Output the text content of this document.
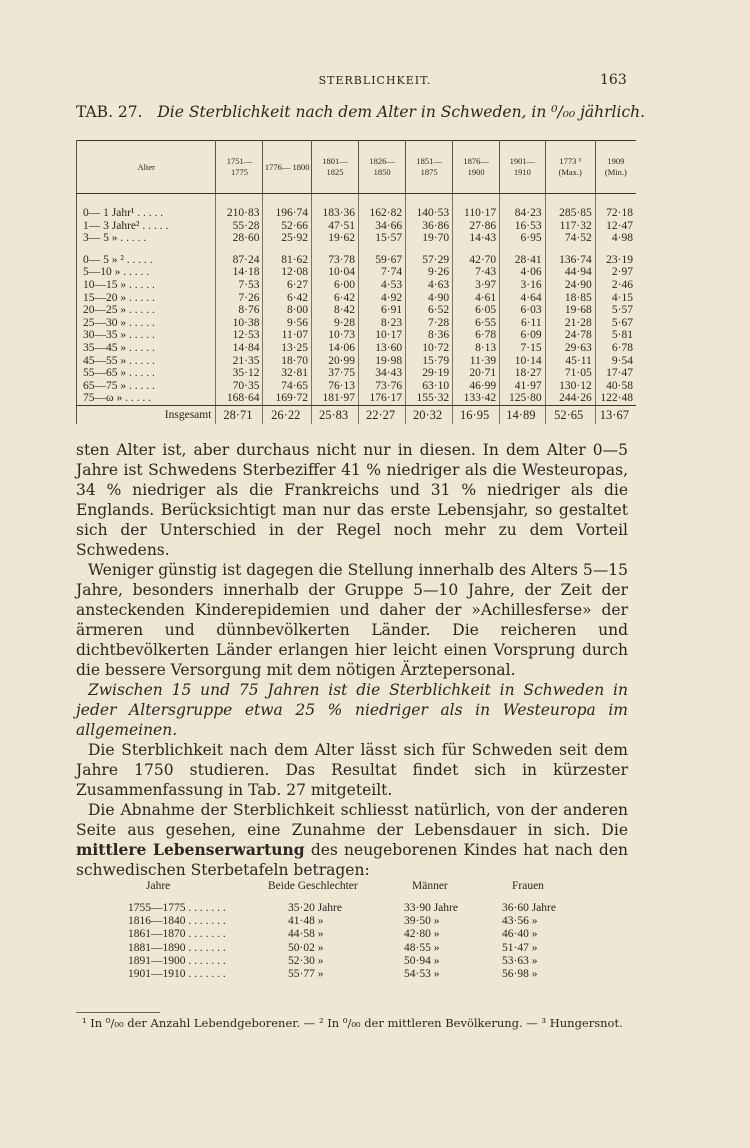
STERBLICHKEIT.	163
TAB. 27. Die Sterblichkeit nach dem Alter in Schweden, in ⁰/₀₀ jährlich.
Alter	1751— 1775	1776— 1800	1801— 1825	1826— 1850	1851— 1875	1876— 1900	1901— 1910	1773 ³ (Max.)	1909 (Min.)
0— 1 Jahr¹ . . . . .	210·83	196·74	183·36	162·82	140·53	110·17	84·23	285·85	72·18
1— 3 Jahre² . . . . .	55·28	52·66	47·51	34·66	36·86	27·86	16·53	117·32	12·47
3— 5 » . . . . .	28·60	25·92	19·62	15·57	19·70	14·43	6·95	74·52	4·98
0— 5 » ² . . . . .	87·24	81·62	73·78	59·67	57·29	42·70	28·41	136·74	23·19
5—10 » . . . . .	14·18	12·08	10·04	7·74	9·26	7·43	4·06	44·94	2·97
10—15 » . . . . .	7·53	6·27	6·00	4·53	4·63	3·97	3·16	24·90	2·46
15—20 » . . . . .	7·26	6·42	6·42	4·92	4·90	4·61	4·64	18·85	4·15
20—25 » . . . . .	8·76	8·00	8·42	6·91	6·52	6·05	6·03	19·68	5·57
25—30 » . . . . .	10·38	9·56	9·28	8·23	7·28	6·55	6·11	21·28	5·67
30—35 » . . . . .	12·53	11·07	10·73	10·17	8·36	6·78	6·09	24·78	5·81
35—45 » . . . . .	14·84	13·25	14·06	13·60	10·72	8·13	7·15	29·63	6·78
45—55 » . . . . .	21·35	18·70	20·99	19·98	15·79	11·39	10·14	45·11	9·54
55—65 » . . . . .	35·12	32·81	37·75	34·43	29·19	20·71	18·27	71·05	17·47
65—75 » . . . . .	70·35	74·65	76·13	73·76	63·10	46·99	41·97	130·12	40·58
75—ω » . . . . .	168·64	169·72	181·97	176·17	155·32	133·42	125·80	244·26	122·48
Insgesamt	28·71	26·22	25·83	22·27	20·32	16·95	14·89	52·65	13·67

sten Alter ist, aber durchaus nicht nur in diesen. In dem Alter 0—5 Jahre ist Schwedens Sterbeziffer 41 % niedriger als die Westeuropas, 34 % niedriger als die Frankreichs und 31 % niedriger als die Englands. Berücksichtigt man nur das erste Lebensjahr, so gestaltet sich der Unterschied in der Regel noch mehr zu dem Vorteil Schwedens.

Weniger günstig ist dagegen die Stellung innerhalb des Alters 5—15 Jahre, besonders innerhalb der Gruppe 5—10 Jahre, der Zeit der ansteckenden Kinderepidemien und daher der »Achillesferse» der ärmeren und dünnbevölkerten Länder. Die reicheren und dichtbevölkerten Länder erlangen hier leicht einen Vorsprung durch die bessere Versorgung mit dem nötigen Ärztepersonal.

Zwischen 15 und 75 Jahren ist die Sterblichkeit in Schweden in jeder Altersgruppe etwa 25 % niedriger als in Westeuropa im allgemeinen.

Die Sterblichkeit nach dem Alter lässt sich für Schweden seit dem Jahre 1750 studieren. Das Resultat findet sich in kürzester Zusammenfassung in Tab. 27 mitgeteilt.

Die Abnahme der Sterblichkeit schliesst natürlich, von der anderen Seite aus gesehen, eine Zunahme der Lebensdauer in sich. Die mittlere Lebenserwartung des neugeborenen Kindes hat nach den schwedischen Sterbetafeln betragen:

Jahre	Beide Geschlechter	Männer	Frauen
1755—1775 . . . . . . .	35·20 Jahre	33·90 Jahre	36·60 Jahre
1816—1840 . . . . . . .	41·48 »	39·50 »	43·56 »
1861—1870 . . . . . . .	44·58 »	42·80 »	46·40 »
1881—1890 . . . . . . .	50·02 »	48·55 »	51·47 »
1891—1900 . . . . . . .	52·30 »	50·94 »	53·63 »
1901—1910 . . . . . . .	55·77 »	54·53 »	56·98 »
¹ In ⁰/₀₀ der Anzahl Lebendgeborener. — ² In ⁰/₀₀ der mittleren Bevölkerung. — ³ Hungersnot.
